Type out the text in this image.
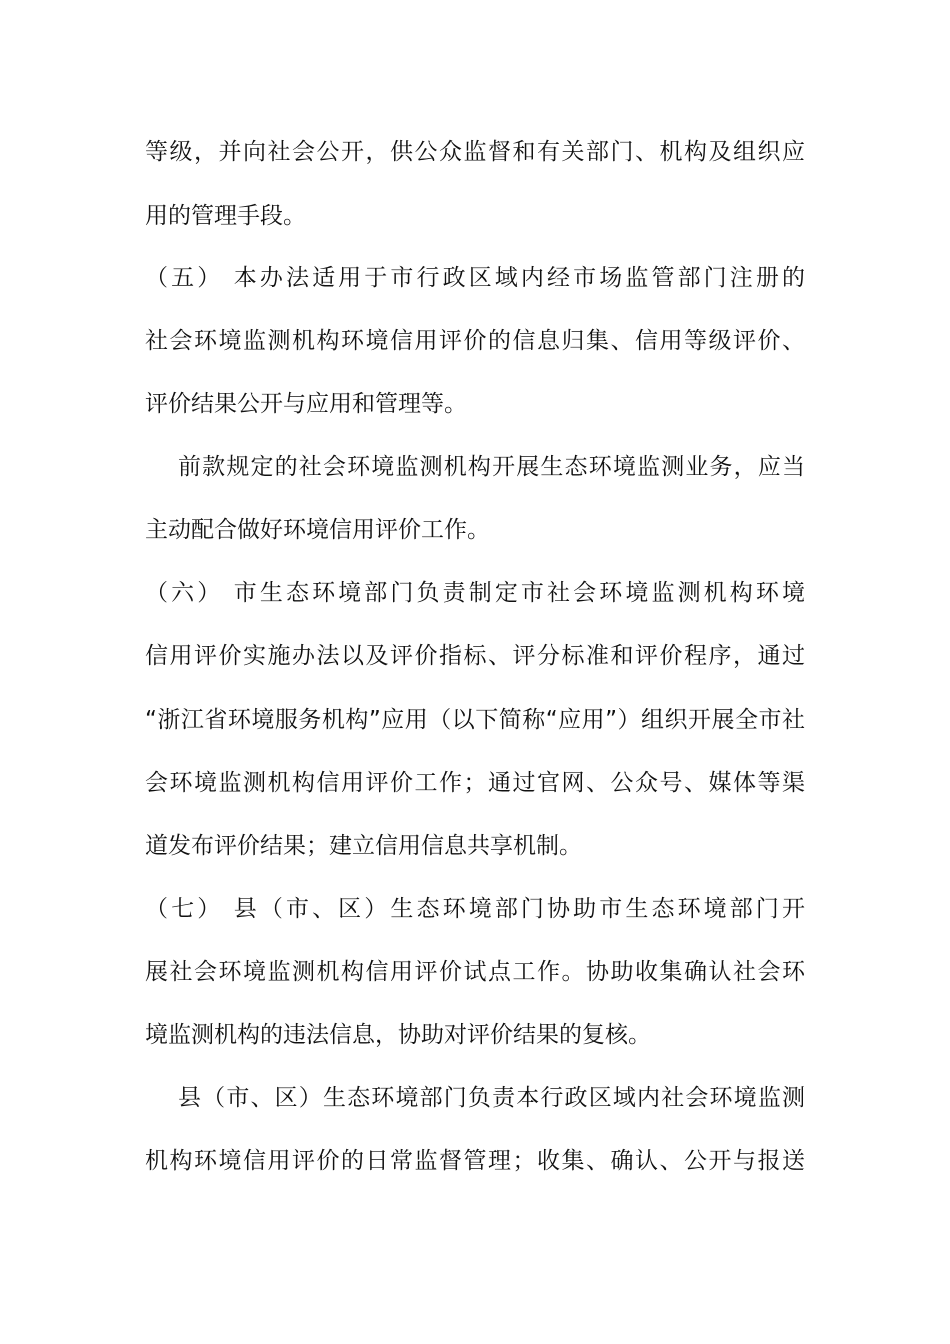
等级，并向社会公开，供公众监督和有关部门、机构及组织应
用的管理手段。
（五） 本办法适用于市行政区域内经市场监管部门注册的
社会环境监测机构环境信用评价的信息归集、信用等级评价、
评价结果公开与应用和管理等。
前款规定的社会环境监测机构开展生态环境监测业务，应当
主动配合做好环境信用评价工作。
（六） 市生态环境部门负责制定市社会环境监测机构环境
信用评价实施办法以及评价指标、评分标准和评价程序，通过
“浙江省环境服务机构”应用（以下简称“应用”）组织开展全市社
会环境监测机构信用评价工作；通过官网、公众号、媒体等渠
道发布评价结果；建立信用信息共享机制。
（七） 县（市、区）生态环境部门协助市生态环境部门开
展社会环境监测机构信用评价试点工作。协助收集确认社会环
境监测机构的违法信息，协助对评价结果的复核。
县（市、区）生态环境部门负责本行政区域内社会环境监测
机构环境信用评价的日常监督管理；收集、确认、公开与报送
